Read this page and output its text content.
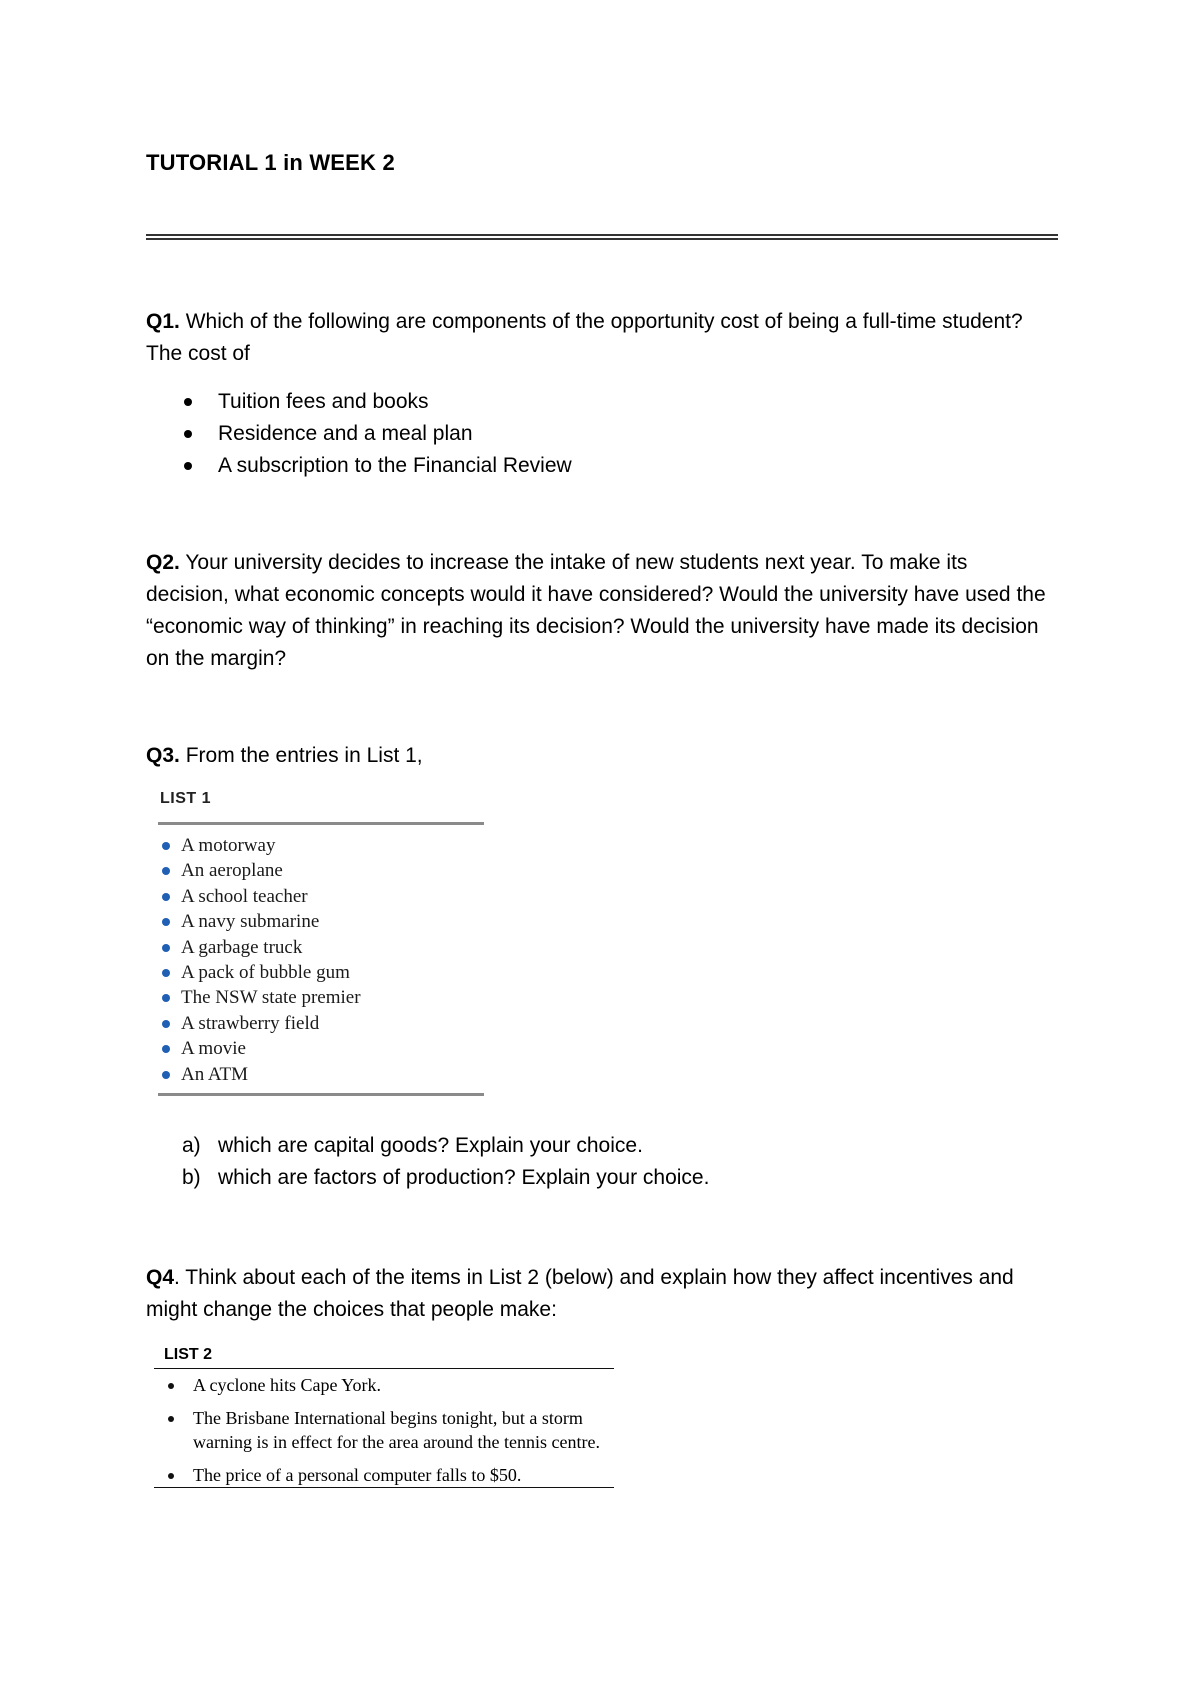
TUTORIAL 1 in WEEK 2
Q1. Which of the following are components of the opportunity cost of being a full-time student? The cost of
Tuition fees and books
Residence and a meal plan
A subscription to the Financial Review
Q2. Your university decides to increase the intake of new students next year. To make its decision, what economic concepts would it have considered? Would the university have used the “economic way of thinking” in reaching its decision? Would the university have made its decision on the margin?
Q3. From the entries in List 1,
LIST 1
A motorway
An aeroplane
A school teacher
A navy submarine
A garbage truck
A pack of bubble gum
The NSW state premier
A strawberry field
A movie
An ATM
a) which are capital goods? Explain your choice.
b) which are factors of production? Explain your choice.
Q4. Think about each of the items in List 2 (below) and explain how they affect incentives and might change the choices that people make:
LIST 2
A cyclone hits Cape York.
The Brisbane International begins tonight, but a storm warning is in effect for the area around the tennis centre.
The price of a personal computer falls to $50.
